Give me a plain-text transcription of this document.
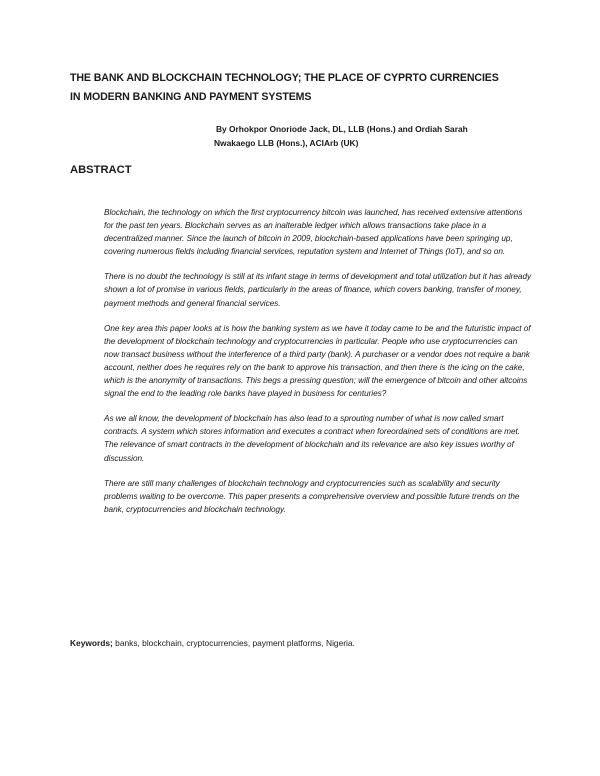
THE BANK AND BLOCKCHAIN TECHNOLOGY; THE PLACE OF CYPRTO CURRENCIES
IN MODERN BANKING AND PAYMENT SYSTEMS
By Orhokpor Onoriode Jack, DL, LLB (Hons.) and Ordiah Sarah
Nwakaego LLB (Hons.), ACIArb (UK)
ABSTRACT

Blockchain, the technology on which the first cryptocurrency bitcoin was launched, has received extensive attentions for the past ten years. Blockchain serves as an inalterable ledger which allows transactions take place in a decentralized manner. Since the launch of bitcoin in 2009, blockchain-based applications have been springing up, covering numerous fields including financial services, reputation system and Internet of Things (IoT), and so on.

There is no doubt the technology is still at its infant stage in terms of development and total utilization but it has already shown a lot of promise in various fields, particularly in the areas of finance, which covers banking, transfer of money, payment methods and general financial services.

One key area this paper looks at is how the banking system as we have it today came to be and the futuristic impact of the development of blockchain technology and cryptocurrencies in particular. People who use cryptocurrencies can now transact business without the interference of a third party (bank). A purchaser or a vendor does not require a bank account, neither does he requires rely on the bank to approve his transaction, and then there is the icing on the cake, which is the anonymity of transactions. This begs a pressing question; will the emergence of bitcoin and other altcoins signal the end to the leading role banks have played in business for centuries?

As we all know, the development of blockchain has also lead to a sprouting number of what is now called smart contracts. A system which stores information and executes a contract when foreordained sets of conditions are met. The relevance of smart contracts in the development of blockchain and its relevance are also key issues worthy of discussion.

There are still many challenges of blockchain technology and cryptocurrencies such as scalability and security problems waiting to be overcome. This paper presents a comprehensive overview and possible future trends on the bank, cryptocurrencies and blockchain technology.

Keywords; banks, blockchain, cryptocurrencies, payment platforms, Nigeria.
